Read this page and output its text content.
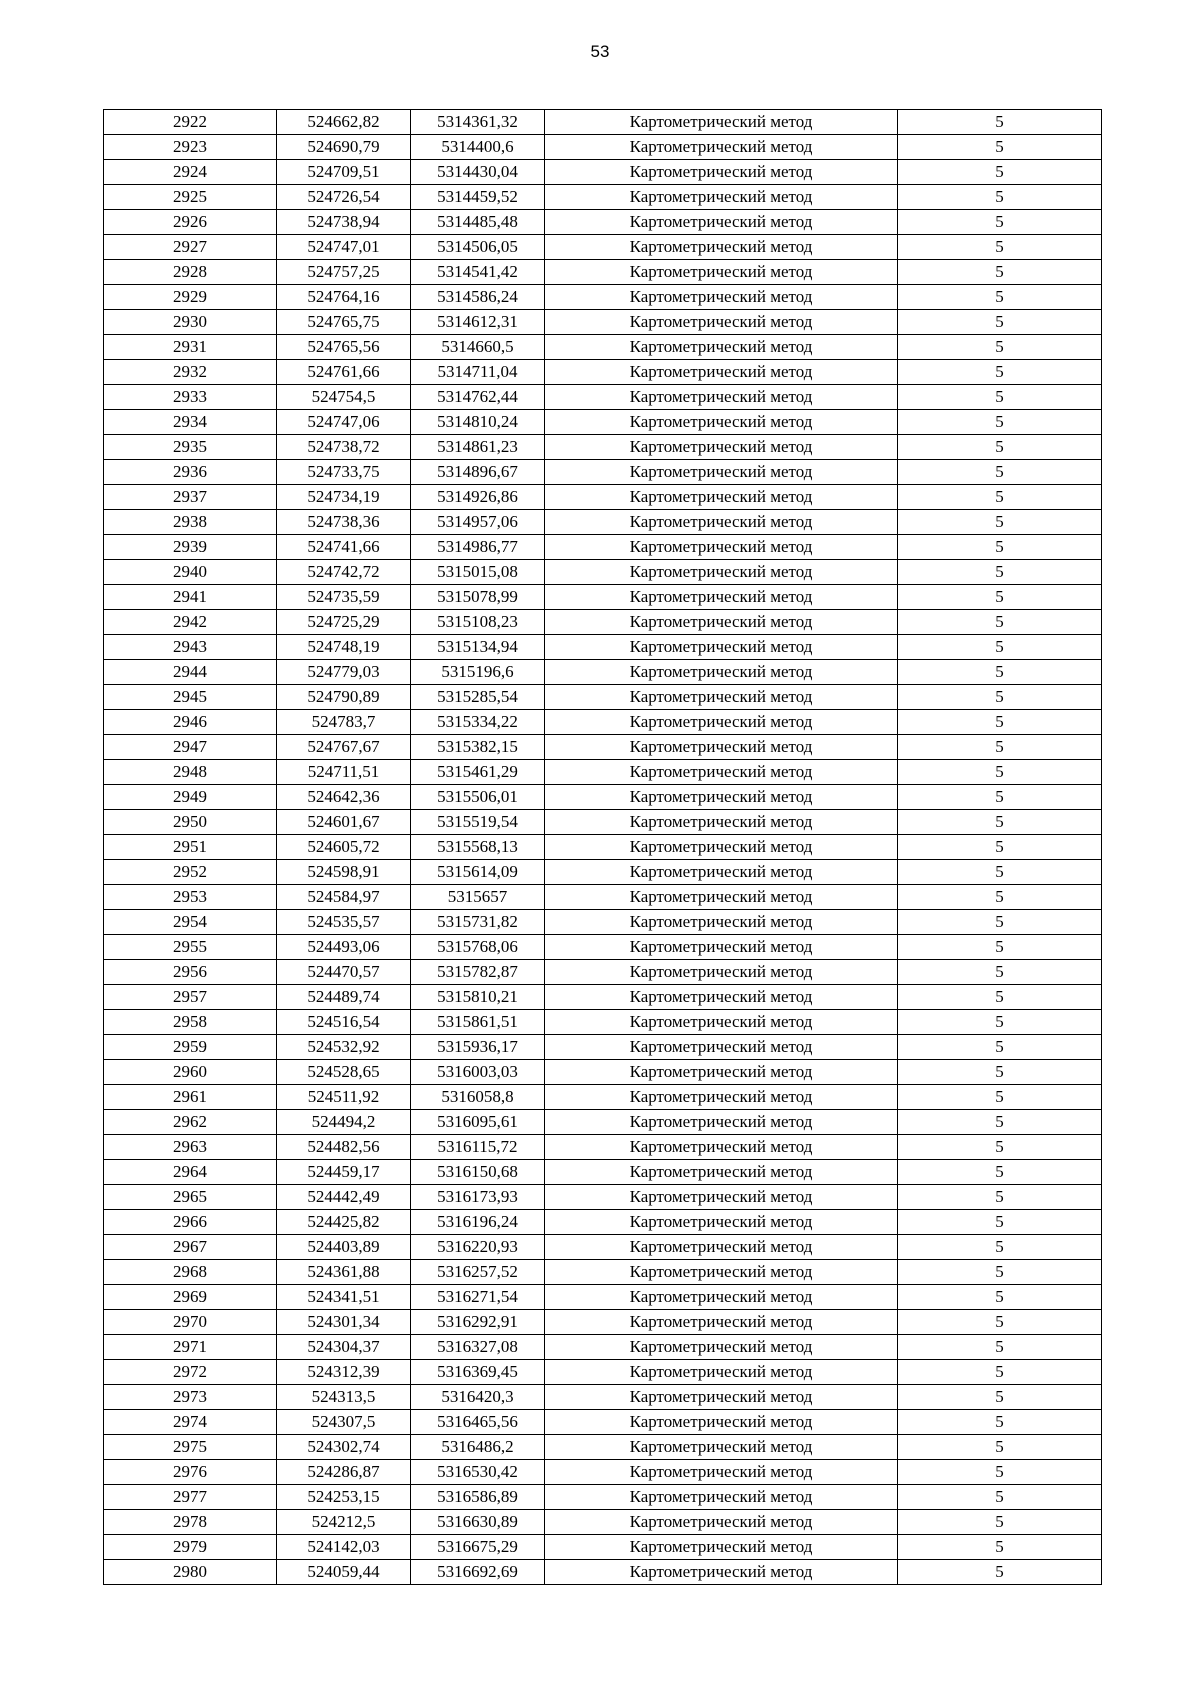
53
2922	524662,82	5314361,32	Картометрический метод	5
2923	524690,79	5314400,6	Картометрический метод	5
2924	524709,51	5314430,04	Картометрический метод	5
2925	524726,54	5314459,52	Картометрический метод	5
2926	524738,94	5314485,48	Картометрический метод	5
2927	524747,01	5314506,05	Картометрический метод	5
2928	524757,25	5314541,42	Картометрический метод	5
2929	524764,16	5314586,24	Картометрический метод	5
2930	524765,75	5314612,31	Картометрический метод	5
2931	524765,56	5314660,5	Картометрический метод	5
2932	524761,66	5314711,04	Картометрический метод	5
2933	524754,5	5314762,44	Картометрический метод	5
2934	524747,06	5314810,24	Картометрический метод	5
2935	524738,72	5314861,23	Картометрический метод	5
2936	524733,75	5314896,67	Картометрический метод	5
2937	524734,19	5314926,86	Картометрический метод	5
2938	524738,36	5314957,06	Картометрический метод	5
2939	524741,66	5314986,77	Картометрический метод	5
2940	524742,72	5315015,08	Картометрический метод	5
2941	524735,59	5315078,99	Картометрический метод	5
2942	524725,29	5315108,23	Картометрический метод	5
2943	524748,19	5315134,94	Картометрический метод	5
2944	524779,03	5315196,6	Картометрический метод	5
2945	524790,89	5315285,54	Картометрический метод	5
2946	524783,7	5315334,22	Картометрический метод	5
2947	524767,67	5315382,15	Картометрический метод	5
2948	524711,51	5315461,29	Картометрический метод	5
2949	524642,36	5315506,01	Картометрический метод	5
2950	524601,67	5315519,54	Картометрический метод	5
2951	524605,72	5315568,13	Картометрический метод	5
2952	524598,91	5315614,09	Картометрический метод	5
2953	524584,97	5315657	Картометрический метод	5
2954	524535,57	5315731,82	Картометрический метод	5
2955	524493,06	5315768,06	Картометрический метод	5
2956	524470,57	5315782,87	Картометрический метод	5
2957	524489,74	5315810,21	Картометрический метод	5
2958	524516,54	5315861,51	Картометрический метод	5
2959	524532,92	5315936,17	Картометрический метод	5
2960	524528,65	5316003,03	Картометрический метод	5
2961	524511,92	5316058,8	Картометрический метод	5
2962	524494,2	5316095,61	Картометрический метод	5
2963	524482,56	5316115,72	Картометрический метод	5
2964	524459,17	5316150,68	Картометрический метод	5
2965	524442,49	5316173,93	Картометрический метод	5
2966	524425,82	5316196,24	Картометрический метод	5
2967	524403,89	5316220,93	Картометрический метод	5
2968	524361,88	5316257,52	Картометрический метод	5
2969	524341,51	5316271,54	Картометрический метод	5
2970	524301,34	5316292,91	Картометрический метод	5
2971	524304,37	5316327,08	Картометрический метод	5
2972	524312,39	5316369,45	Картометрический метод	5
2973	524313,5	5316420,3	Картометрический метод	5
2974	524307,5	5316465,56	Картометрический метод	5
2975	524302,74	5316486,2	Картометрический метод	5
2976	524286,87	5316530,42	Картометрический метод	5
2977	524253,15	5316586,89	Картометрический метод	5
2978	524212,5	5316630,89	Картометрический метод	5
2979	524142,03	5316675,29	Картометрический метод	5
2980	524059,44	5316692,69	Картометрический метод	5
